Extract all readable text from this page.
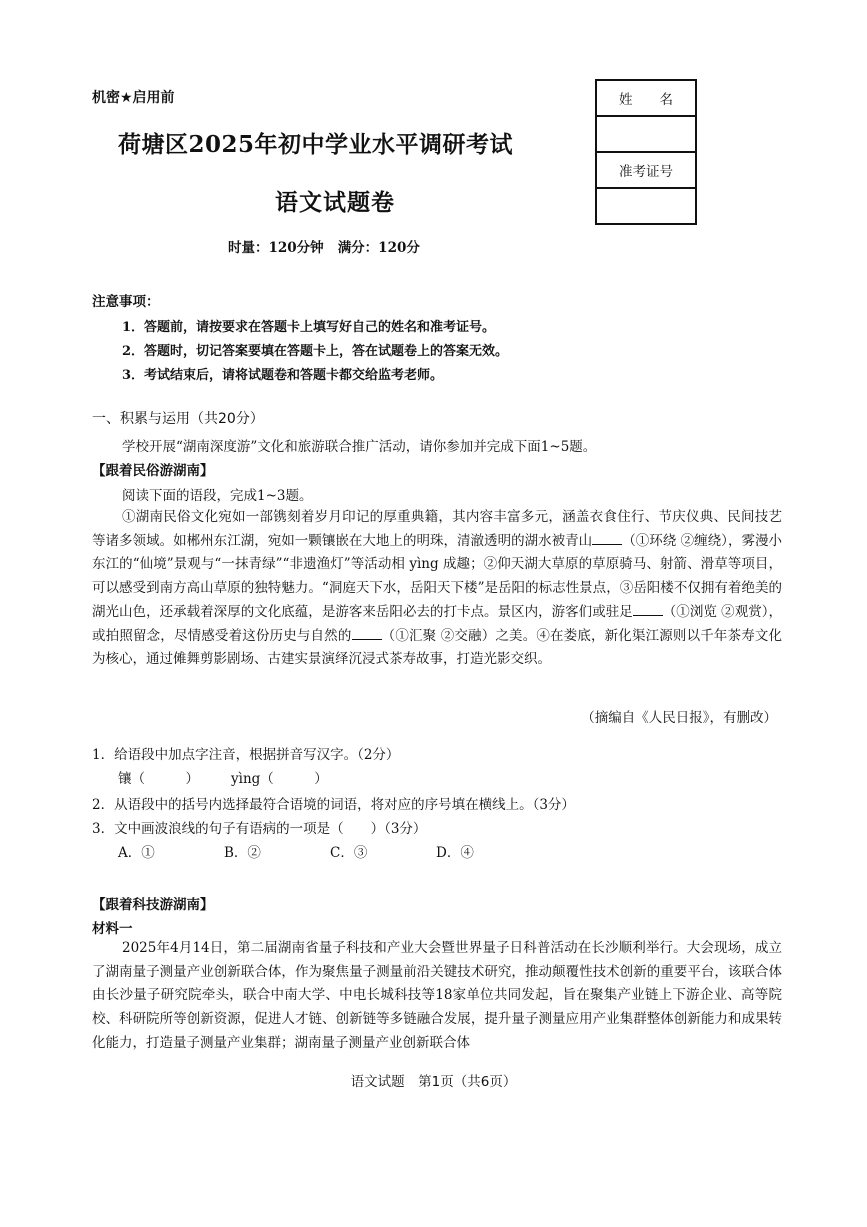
机密★启用前
荷塘区2025年初中学业水平调研考试
语文试题卷
时量：120分钟 满分：120分
姓　　名

准考证号

注意事项：
1．答题前，请按要求在答题卡上填写好自己的姓名和准考证号。
2．答题时，切记答案要填在答题卡上，答在试题卷上的答案无效。
3．考试结束后，请将试题卷和答题卡都交给监考老师。
一、积累与运用（共20分）
学校开展“湖南深度游”文化和旅游联合推广活动，请你参加并完成下面1~5题。
【跟着民俗游湖南】
阅读下面的语段，完成1~3题。
①湖南民俗文化宛如一部镌刻着岁月印记的厚重典籍，其内容丰富多元，涵盖衣食住行、节庆仪典、民间技艺等诸多领域。如郴州东江湖，宛如一颗镶嵌在大地上的明珠，清澈透明的湖水被青山 （①环绕 ②缠绕），雾漫小东江的“仙境”景观与“一抹青绿”“非遗渔灯”等活动相 yìng 成趣；②仰天湖大草原的草原骑马、射箭、滑草等项目，可以感受到南方高山草原的独特魅力。“洞庭天下水，岳阳天下楼”是岳阳的标志性景点，③岳阳楼不仅拥有着绝美的湖光山色，还承载着深厚的文化底蕴，是游客来岳阳必去的打卡点。景区内，游客们或驻足 （①浏览 ②观赏），或拍照留念，尽情感受着这份历史与自然的 （①汇聚 ②交融）之美。④在娄底，新化渠江源则以千年茶寿文化为核心，通过傩舞剪影剧场、古建实景演绎沉浸式茶寿故事，打造光影交织。
（摘编自《人民日报》，有删改）
1．给语段中加点字注音，根据拼音写汉字。（2分）
镶（　　　） yìng（　　　）
2．从语段中的括号内选择最符合语境的词语，将对应的序号填在横线上。（3分）
3．文中画波浪线的句子有语病的一项是（　　）（3分）
A．①	B．②	C．③	D．④
【跟着科技游湖南】
材料一
2025年4月14日，第二届湖南省量子科技和产业大会暨世界量子日科普活动在长沙顺利举行。大会现场，成立了湖南量子测量产业创新联合体，作为聚焦量子测量前沿关键技术研究，推动颠覆性技术创新的重要平台，该联合体由长沙量子研究院牵头，联合中南大学、中电长城科技等18家单位共同发起，旨在聚集产业链上下游企业、高等院校、科研院所等创新资源，促进人才链、创新链等多链融合发展，提升量子测量应用产业集群整体创新能力和成果转化能力，打造量子测量产业集群；湖南量子测量产业创新联合体
语文试题　第1页（共6页）
